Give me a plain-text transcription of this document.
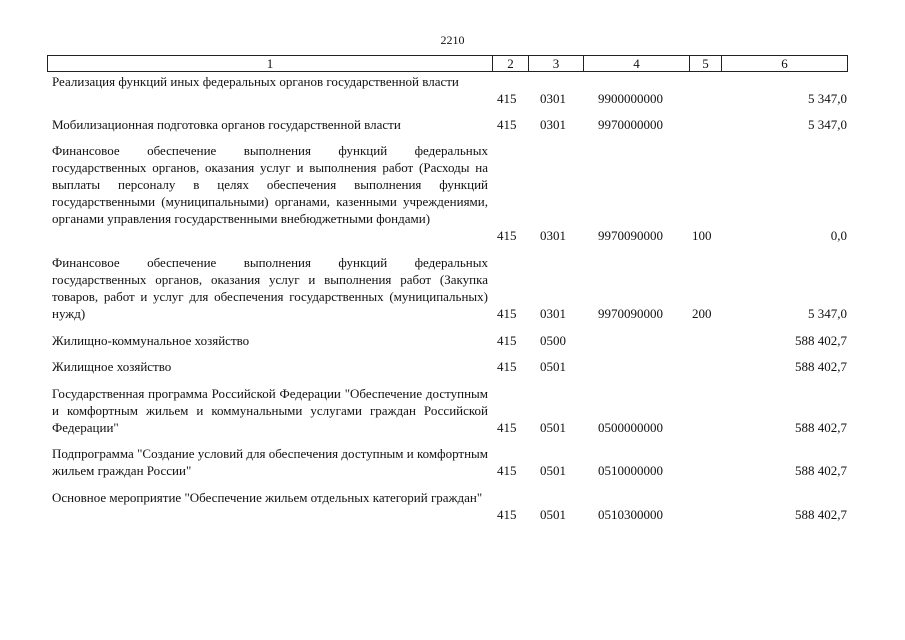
2210
1	2	3	4	5	6
Реализация функций иных федеральных органов государственной власти
415 0301 9900000000	5 347,0
Мобилизационная подготовка органов государственной власти	415 0301 9970000000	5 347,0
Финансовое обеспечение выполнения функций федеральных государственных органов, оказания услуг и выполнения работ (Расходы на выплаты персоналу в целях обеспечения выполнения функций государственными (муниципальными) органами, казенными учреждениями, органами управления государственными внебюджетными фондами)
415 0301 9970090000 100	0,0
Финансовое обеспечение выполнения функций федеральных государственных органов, оказания услуг и выполнения работ (Закупка товаров, работ и услуг для обеспечения государственных (муниципальных) нужд)	415 0301 9970090000 200	5 347,0
Жилищно-коммунальное хозяйство	415 0500	588 402,7
Жилищное хозяйство	415 0501	588 402,7
Государственная программа Российской Федерации "Обеспечение доступным и комфортным жильем и коммунальными услугами граждан Российской Федерации"	415 0501 0500000000	588 402,7
Подпрограмма "Создание условий для обеспечения доступным и комфортным жильем граждан России"	415 0501 0510000000	588 402,7
Основное мероприятие "Обеспечение жильем отдельных категорий граждан"
415 0501 0510300000	588 402,7
